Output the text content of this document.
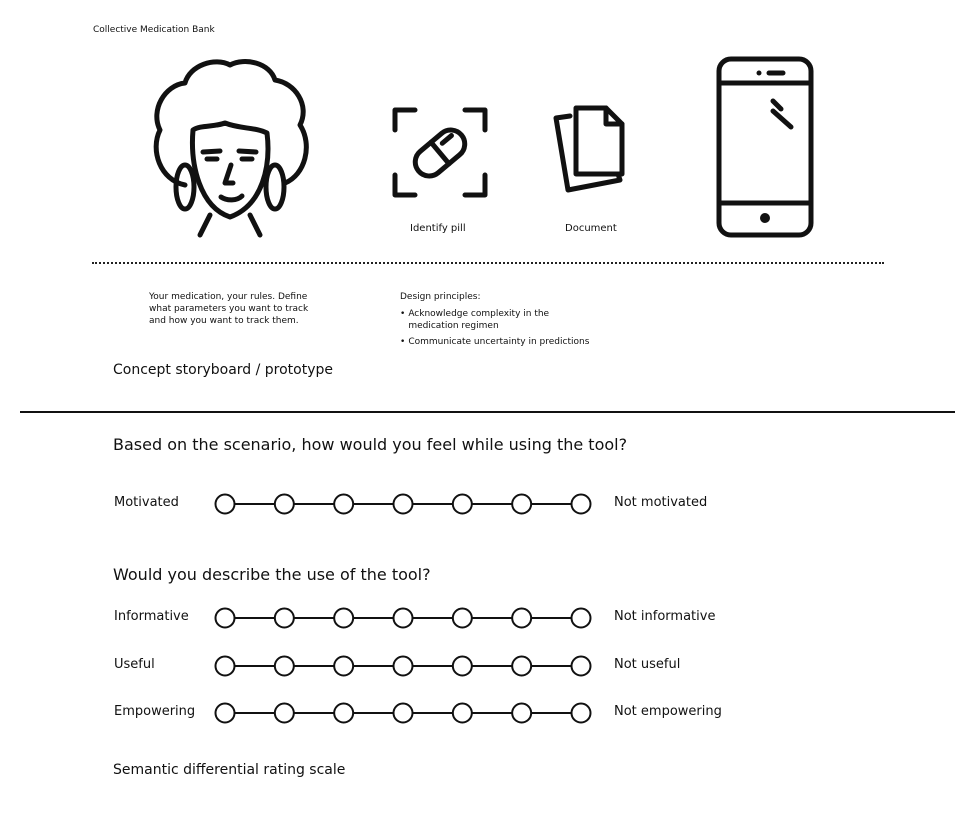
Collective Medication Bank
Identify pill	Document
Your medication, your rules. Define what parameters you want to track and how you want to track them.
Design principles:
• Acknowledge complexity in the medication regimen
• Communicate uncertainty in predictions
Concept storyboard / prototype
Based on the scenario, how would you feel while using the tool?
Motivated	Not motivated
Would you describe the use of the tool?
Informative	Not informative
Useful	Not useful
Empowering	Not empowering
Semantic differential rating scale
